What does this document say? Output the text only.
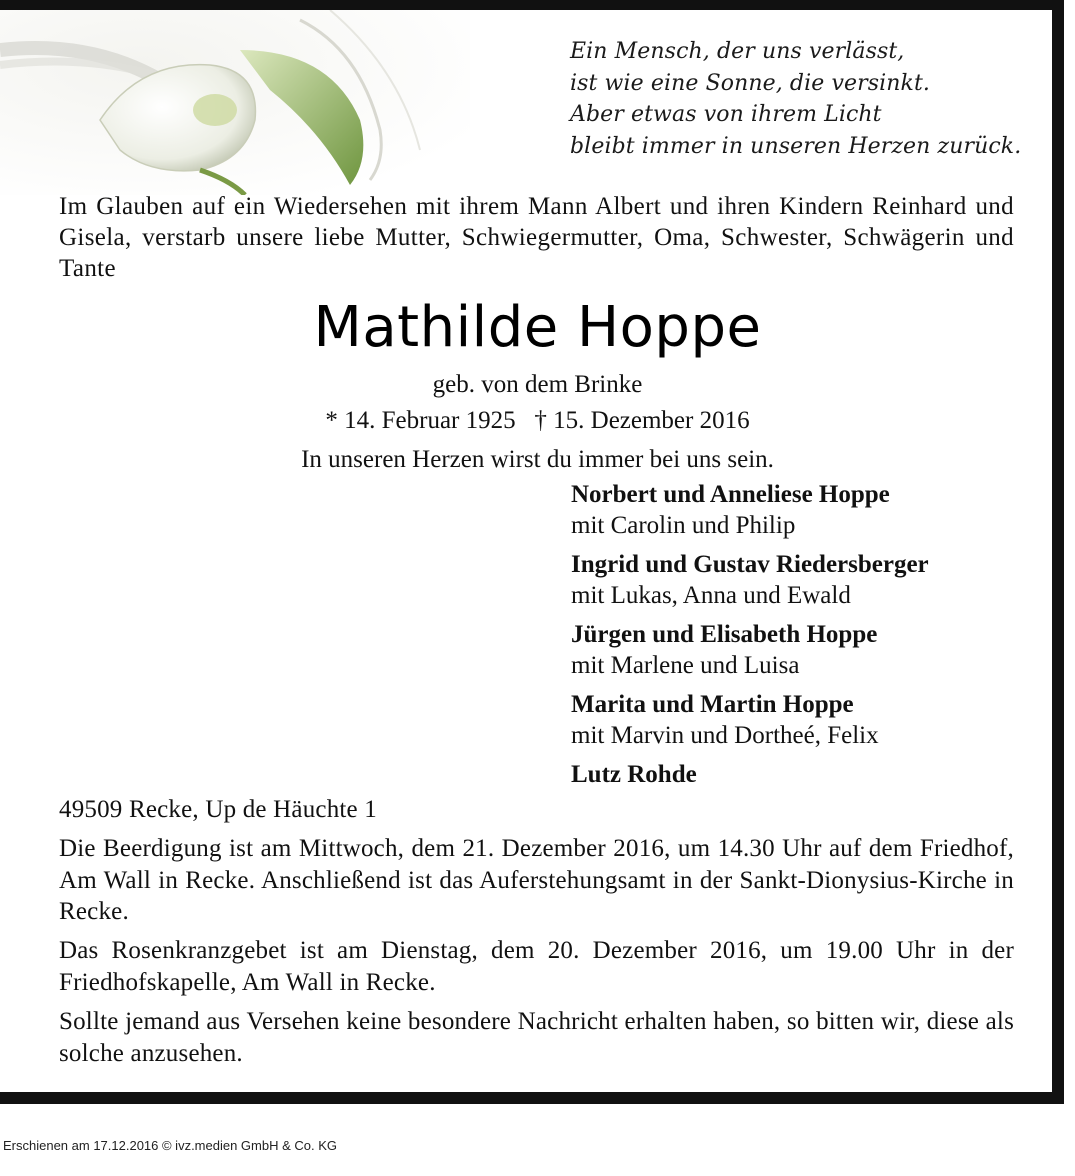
Ein Mensch, der uns verlässt,
ist wie eine Sonne, die versinkt.
Aber etwas von ihrem Licht
bleibt immer in unseren Herzen zurück.
Im Glauben auf ein Wiedersehen mit ihrem Mann Albert und ihren Kindern Reinhard und Gisela, verstarb unsere liebe Mutter, Schwiegermutter, Oma, Schwester, Schwägerin und Tante
Mathilde Hoppe
geb. von dem Brinke
* 14. Februar 1925   † 15. Dezember 2016
In unseren Herzen wirst du immer bei uns sein.
Norbert und Anneliese Hoppe
mit Carolin und Philip
Ingrid und Gustav Riedersberger
mit Lukas, Anna und Ewald
Jürgen und Elisabeth Hoppe
mit Marlene und Luisa
Marita und Martin Hoppe
mit Marvin und Dortheé, Felix
Lutz Rohde
49509 Recke, Up de Häuchte 1
Die Beerdigung ist am Mittwoch, dem 21. Dezember 2016, um 14.30 Uhr auf dem Friedhof, Am Wall in Recke. Anschließend ist das Auferstehungsamt in der Sankt-Dionysius-Kirche in Recke.
Das Rosenkranzgebet ist am Dienstag, dem 20. Dezember 2016, um 19.00 Uhr in der Friedhofskapelle, Am Wall in Recke.
Sollte jemand aus Versehen keine besondere Nachricht erhalten haben, so bitten wir, diese als solche anzusehen.
Erschienen am 17.12.2016 © ivz.medien GmbH & Co. KG
